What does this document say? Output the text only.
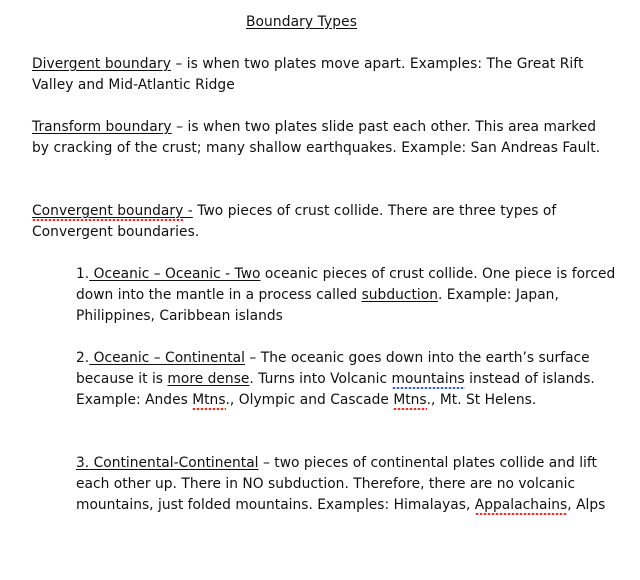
Boundary Types
Divergent boundary – is when two plates move apart. Examples: The Great Rift Valley and Mid-Atlantic Ridge
Transform boundary – is when two plates slide past each other. This area marked by cracking of the crust; many shallow earthquakes. Example: San Andreas Fault.
Convergent boundary - Two pieces of crust collide. There are three types of Convergent boundaries.
1. Oceanic – Oceanic - Two oceanic pieces of crust collide. One piece is forced down into the mantle in a process called subduction. Example: Japan, Philippines, Caribbean islands
2. Oceanic – Continental – The oceanic goes down into the earth’s surface because it is more dense. Turns into Volcanic mountains instead of islands. Example: Andes Mtns., Olympic and Cascade Mtns., Mt. St Helens.
3. Continental-Continental – two pieces of continental plates collide and lift each other up. There in NO subduction. Therefore, there are no volcanic mountains, just folded mountains. Examples: Himalayas, Appalachains, Alps
